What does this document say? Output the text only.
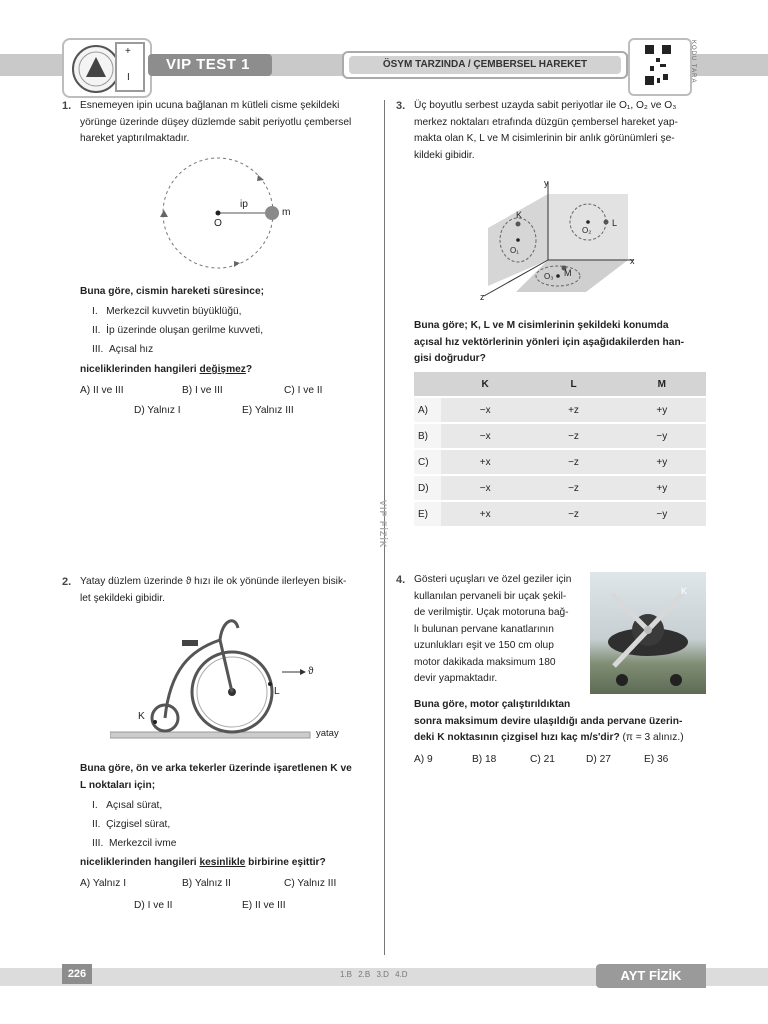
+
I
VIP TEST 1	ÖSYM TARZINDA / ÇEMBERSEL HAREKET	KODU TARA
VIP FİZİK
1. Esnemeyen ipin ucuna bağlanan m kütleli cisme şekildeki
yörünge üzerinde düşey düzlemde sabit periyotlu çembersel
hareket yaptırılmaktadır.
ip
m
O
Buna göre, cismin hareketi süresince;
I. Merkezcil kuvvetin büyüklüğü,
II. İp üzerinde oluşan gerilme kuvveti,
III. Açısal hız
niceliklerinden hangileri değişmez?
A) II ve III	B) I ve III	C) I ve II
D) Yalnız I	E) Yalnız III
2. Yatay düzlem üzerinde ϑ hızı ile ok yönünde ilerleyen bisik-
let şekildeki gibidir.
ϑ
L
K
yatay
Buna göre, ön ve arka tekerler üzerinde işaretlenen K ve
L noktaları için;
I. Açısal sürat,
II. Çizgisel sürat,
III. Merkezcil ivme
niceliklerinden hangileri kesinlikle birbirine eşittir?
A) Yalnız I	B) Yalnız II	C) Yalnız III
D) I ve II	E) II ve III
3. Üç boyutlu serbest uzayda sabit periyotlar ile O₁, O₂ ve O₃
merkez noktaları etrafında düzgün çembersel hareket yap-
makta olan K, L ve M cisimlerinin bir anlık görünümleri şe-
kildeki gibidir.
y
x
z
K
L
M
O₁
O₂
O₃
Buna göre; K, L ve M cisimlerinin şekildeki konumda
açısal hız vektörlerinin yönleri için aşağıdakilerden han-
gisi doğrudur?
	K	L	M
A)	−x	+z	+y
B)	−x	−z	−y
C)	+x	−z	+y
D)	−x	−z	+y
E)	+x	−z	−y
4. Gösteri uçuşları ve özel geziler için
kullanılan pervaneli bir uçak şekil-
de verilmiştir. Uçak motoruna bağ-
lı bulunan pervane kanatlarının
uzunlukları eşit ve 150 cm olup
motor dakikada maksimum 180
devir yapmaktadır.
K
Buna göre, motor çalıştırıldıktan
sonra maksimum devire ulaşıldığı anda pervane üzerin-
deki K noktasının çizgisel hızı kaç m/s'dir? (π = 3 alınız.)
A) 9	B) 18	C) 21	D) 27	E) 36
226	1.B 2.B 3.D 4.D	AYT FİZİK
